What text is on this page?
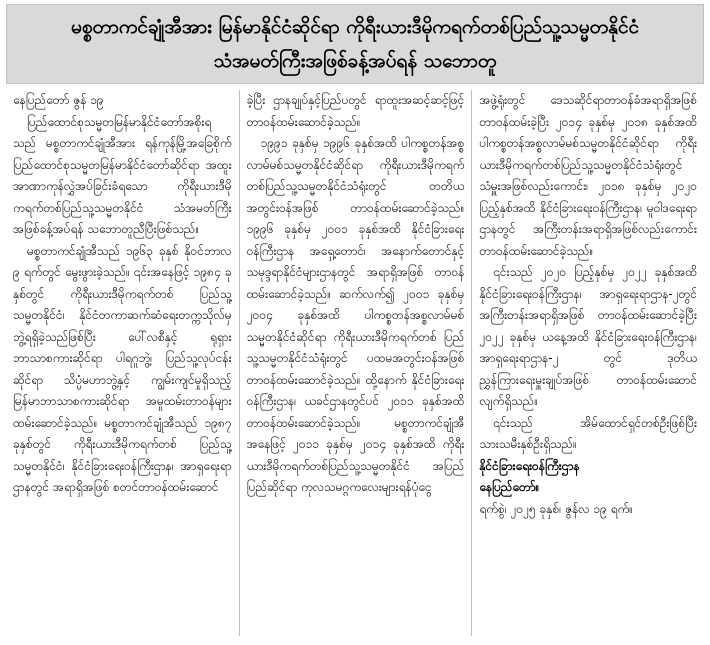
မစ္စတာကင်ချုံအီအား မြန်မာနိုင်ငံဆိုင်ရာ ကိုရီးယားဒီမိုကရက်တစ်ပြည်သူ့သမ္မတနိုင်ငံ
သံအမတ်ကြီးအဖြစ်ခန့်အပ်ရန် သဘောတူ

နေပြည်တော် ဇွန် ၁၉

ပြည်ထောင်စုသမ္မတမြန်မာနိုင်ငံတော်အစိုးရသည် မစ္စတာကင်ချုံအီအား ရန်ကုန်မြို့အခြေစိုက် ပြည်ထောင်စုသမ္မတမြန်မာနိုင်ငံတော်ဆိုင်ရာ အထူးအာဏာကုန်လွှဲအပ်ခြင်းခံရသော ကိုရီးယားဒီမိုကရက်တစ်ပြည်သူ့သမ္မတနိုင်ငံ သံအမတ်ကြီးအဖြစ်ခန့်အပ်ရန် သဘောတူညီပြီးဖြစ်သည်။

မစ္စတာကင်ချုံအီသည် ၁၉၆၃ ခုနှစ် နိုဝင်ဘာလ ၉ ရက်တွင် မွေးဖွားခဲ့သည်။ ၎င်းအနေဖြင့် ၁၉၈၄ ခုနှစ်တွင် ကိုရီးယားဒီမိုကရက်တစ် ပြည်သူ့သမ္မတနိုင်ငံ၊ နိုင်ငံတကာဆက်ဆံရေးတက္ကသိုလ်မှ ဘွဲ့ရရှိခဲ့သည်ဖြစ်ပြီး ပေါ်လစီနှင့် ရုရှားဘာသာစကားဆိုင်ရာ ပါရဂူဘွဲ့၊ ပြည်သူ့လုပ်ငန်းဆိုင်ရာ သိပ္ပံမဟာဘွဲ့နှင့် ကျွမ်းကျင်မှုရှိသည့် မြန်မာဘာသာစကားဆိုင်ရာ အမှုထမ်းတာဝန်များ ထမ်းဆောင်ခဲ့သည်။ မစ္စတာကင်ချုံအီသည် ၁၉၈၇ ခုနှစ်တွင် ကိုရီးယားဒီမိုကရက်တစ် ပြည်သူ့သမ္မတနိုင်ငံ၊ နိုင်ငံခြားရေးဝန်ကြီးဌာန၊ အာရှရေးရာဌာနတွင် အရာရှိအဖြစ် စတင်တာဝန်ထမ်းဆောင်

ခဲ့ပြီး ဌာနချုပ်နှင့်ပြည်ပတွင် ရာထူးအဆင့်ဆင့်ဖြင့်တာဝန်ထမ်းဆောင်ခဲ့သည်။

၁၉၉၁ ခုနှစ်မှ ၁၉၉၆ ခုနှစ်အထိ ပါကစ္စတန်အစ္စလာမ်မစ်သမ္မတနိုင်ငံဆိုင်ရာ ကိုရီးယားဒီမိုကရက်တစ်ပြည်သူ့သမ္မတနိုင်ငံသံရုံးတွင် တတိယအတွင်းဝန်အဖြစ် တာဝန်ထမ်းဆောင်ခဲ့သည်။ ၁၉၉၆ ခုနှစ်မှ ၂၀၀၁ ခုနှစ်အထိ နိုင်ငံခြားရေးဝန်ကြီးဌာန အရှေ့တောင်၊ အနောက်တောင်နှင့် သမုဒ္ဒရာနိုင်ငံများဌာနတွင် အရာရှိအဖြစ် တာဝန်ထမ်းဆောင်ခဲ့သည်။ ဆက်လက်၍ ၂၀၀၁ ခုနှစ်မှ ၂၀၀၄ ခုနှစ်အထိ ပါကစ္စတန်အစ္စလာမ်မစ်သမ္မတနိုင်ငံဆိုင်ရာ ကိုရီးယားဒီမိုကရက်တစ် ပြည်သူ့သမ္မတနိုင်ငံသံရုံးတွင် ပထမအတွင်းဝန်အဖြစ် တာဝန်ထမ်းဆောင်ခဲ့သည်။ ထို့နောက် နိုင်ငံခြားရေးဝန်ကြီးဌာန၊ ယခင်ဌာနတွင်ပင် ၂၀၁၁ ခုနှစ်အထိ တာဝန်ထမ်းဆောင်ခဲ့သည်။ မစ္စတာကင်ချုံအီအနေဖြင့် ၂၀၁၁ ခုနှစ်မှ ၂၀၁၄ ခုနှစ်အထိ ကိုရီးယားဒီမိုကရက်တစ်ပြည်သူ့သမ္မတနိုင်ငံ အပြည်ပြည်ဆိုင်ရာ ကုလသမဂ္ဂကလေးများရန်ပုံငွေ

အဖွဲ့ရုံးတွင် ဒေသဆိုင်ရာတာဝန်ခံအရာရှိအဖြစ်တာဝန်ထမ်းခဲ့ပြီး ၂၀၁၄ ခုနှစ်မှ ၂၀၁၈ ခုနှစ်အထိ ပါကစ္စတန်အစ္စလာမ်မစ်သမ္မတနိုင်ငံဆိုင်ရာ ကိုရီးယားဒီမိုကရက်တစ်ပြည်သူ့သမ္မတနိုင်ငံသံရုံးတွင် သံမှူးအဖြစ်လည်းကောင်း၊ ၂၀၁၈ ခုနှစ်မှ ၂၀၂၀ ပြည့်နှစ်အထိ နိုင်ငံခြားရေးဝန်ကြီးဌာန၊ မူဝါဒရေးရာဌာနတွင် အကြီးတန်းအရာရှိအဖြစ်လည်းကောင်း တာဝန်ထမ်းဆောင်ခဲ့သည်။

၎င်းသည် ၂၀၂၀ ပြည့်နှစ်မှ ၂၀၂၂ ခုနှစ်အထိ နိုင်ငံခြားရေးဝန်ကြီးဌာန၊ အာရှရေးရာဌာန-၂တွင် အကြီးတန်းအရာရှိအဖြစ် တာဝန်ထမ်းဆောင်ခဲ့ပြီး ၂၀၂၂ ခုနှစ်မှ ယနေ့အထိ နိုင်ငံခြားရေးဝန်ကြီးဌာန၊ အာရှရေးရာဌာန-၂ တွင် ဒုတိယညွှန်ကြားရေးမှူးချုပ်အဖြစ် တာဝန်ထမ်းဆောင်လျက်ရှိသည်။

၎င်းသည် အိမ်ထောင်ရှင်တစ်ဦးဖြစ်ပြီး သားသမီးနှစ်ဦးရှိသည်။

နိုင်ငံခြားရေးဝန်ကြီးဌာန

နေပြည်တော်။

ရက်စွဲ၊ ၂၀၂၅ ခုနှစ်၊ ဇွန်လ ၁၉ ရက်။
